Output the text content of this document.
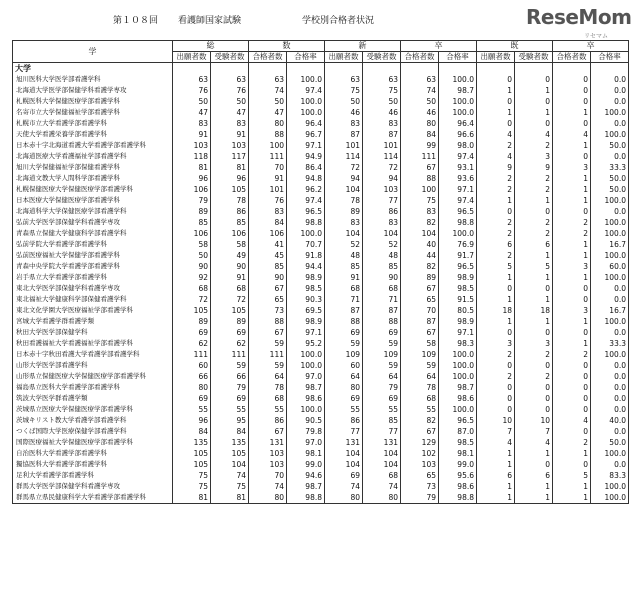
第１０８回 看護師国家試験	学校別合格者状況	ReseMom
リセマム
学	総		数		新		卒		既		卒	
	出願者数	受験者数	合格者数	合格率	出願者数	受験者数	合格者数	合格率	出願者数	受験者数	合格者数	合格率
大学												
旭川医科大学医学部看護学科	63	63	63	100.0	63	63	63	100.0	0	0	0	0.0
北海道大学医学部保健学科看護学専攻	76	76	74	97.4	75	75	74	98.7	1	1	0	0.0
札幌医科大学保健医療学部看護学科	50	50	50	100.0	50	50	50	100.0	0	0	0	0.0
名寄市立大学保健福祉学部看護学科	47	47	47	100.0	46	46	46	100.0	1	1	1	100.0
札幌市立大学看護学部看護学科	83	83	80	96.4	83	83	80	96.4	0	0	0	0.0
天使大学看護栄養学部看護学科	91	91	88	96.7	87	87	84	96.6	4	4	4	100.0
日本赤十字北海道看護大学看護学部看護学科	103	103	100	97.1	101	101	99	98.0	2	2	1	50.0
北海道医療大学看護福祉学部看護学科	118	117	111	94.9	114	114	111	97.4	4	3	0	0.0
旭川大学保健福祉学部保健看護学科	81	81	70	86.4	72	72	67	93.1	9	9	3	33.3
北海道文教大学人間科学部看護学科	96	96	91	94.8	94	94	88	93.6	2	2	1	50.0
札幌保健医療大学保健医療学部看護学科	106	105	101	96.2	104	103	100	97.1	2	2	1	50.0
日本医療大学保健医療学部看護学科	79	78	76	97.4	78	77	75	97.4	1	1	1	100.0
北海道科学大学保健医療学部看護学科	89	86	83	96.5	89	86	83	96.5	0	0	0	0.0
弘前大学医学部保健学科看護学専攻	85	85	84	98.8	83	83	82	98.8	2	2	2	100.0
青森県立保健大学健康科学部看護学科	106	106	106	100.0	104	104	104	100.0	2	2	2	100.0
弘前学院大学看護学部看護学科	58	58	41	70.7	52	52	40	76.9	6	6	1	16.7
弘前医療福祉大学保健学部看護学科	50	49	45	91.8	48	48	44	91.7	2	1	1	100.0
青森中央学院大学看護学部看護学科	90	90	85	94.4	85	85	82	96.5	5	5	3	60.0
岩手県立大学看護学部看護学科	92	91	90	98.9	91	90	89	98.9	1	1	1	100.0
東北大学医学部保健学科看護学専攻	68	68	67	98.5	68	68	67	98.5	0	0	0	0.0
東北福祉大学健康科学部保健看護学科	72	72	65	90.3	71	71	65	91.5	1	1	0	0.0
東北文化学園大学医療福祉学部看護学科	105	105	73	69.5	87	87	70	80.5	18	18	3	16.7
宮城大学看護学群看護学類	89	89	88	98.9	88	88	87	98.9	1	1	1	100.0
秋田大学医学部保健学科	69	69	67	97.1	69	69	67	97.1	0	0	0	0.0
秋田看護福祉大学看護福祉学部看護学科	62	62	59	95.2	59	59	58	98.3	3	3	1	33.3
日本赤十字秋田看護大学看護学部看護学科	111	111	111	100.0	109	109	109	100.0	2	2	2	100.0
山形大学医学部看護学科	60	59	59	100.0	60	59	59	100.0	0	0	0	0.0
山形県立保健医療大学保健医療学部看護学科	66	66	64	97.0	64	64	64	100.0	2	2	0	0.0
福島県立医科大学看護学部看護学科	80	79	78	98.7	80	79	78	98.7	0	0	0	0.0
筑波大学医学群看護学類	69	69	68	98.6	69	69	68	98.6	0	0	0	0.0
茨城県立医療大学保健医療学部看護学科	55	55	55	100.0	55	55	55	100.0	0	0	0	0.0
茨城キリスト教大学看護学部看護学科	96	95	86	90.5	86	85	82	96.5	10	10	4	40.0
つくば国際大学医療保健学部看護学科	84	84	67	79.8	77	77	67	87.0	7	7	0	0.0
国際医療福祉大学保健医療学部看護学科	135	135	131	97.0	131	131	129	98.5	4	4	2	50.0
自治医科大学看護学部看護学科	105	105	103	98.1	104	104	102	98.1	1	1	1	100.0
獨協医科大学看護学部看護学科	105	104	103	99.0	104	104	103	99.0	1	0	0	0.0
足利大学看護学部看護学科	75	74	70	94.6	69	68	65	95.6	6	6	5	83.3
群馬大学医学部保健学科看護学専攻	75	75	74	98.7	74	74	73	98.6	1	1	1	100.0
群馬県立県民健康科学大学看護学部看護学科	81	81	80	98.8	80	80	79	98.8	1	1	1	100.0
